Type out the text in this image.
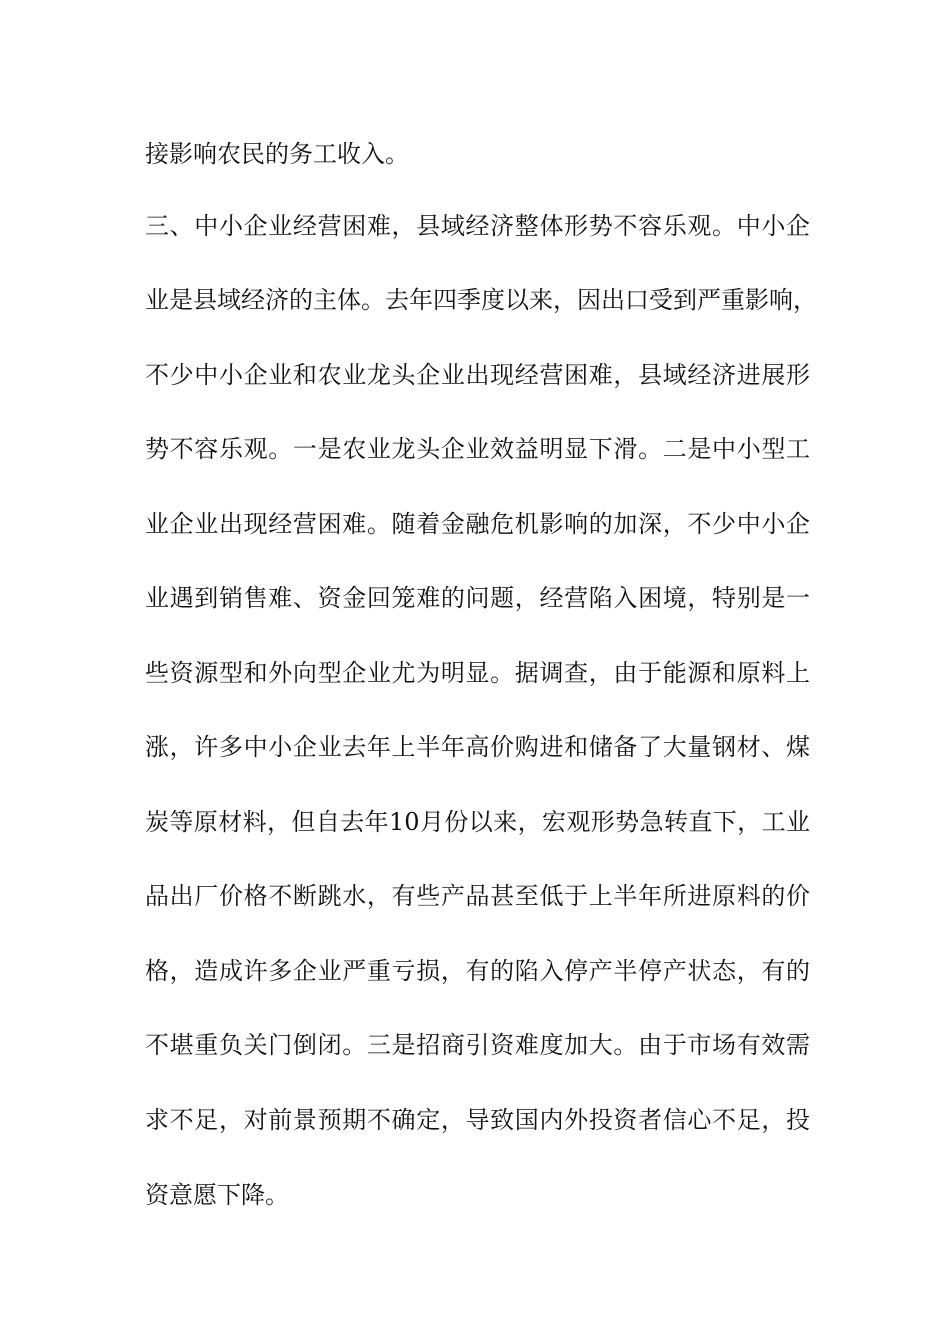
接影响农民的务工收入。
三、中小企业经营困难，县域经济整体形势不容乐观。中小企
业是县域经济的主体。去年四季度以来，因出口受到严重影响，
不少中小企业和农业龙头企业出现经营困难，县域经济进展形
势不容乐观。一是农业龙头企业效益明显下滑。二是中小型工
业企业出现经营困难。随着金融危机影响的加深，不少中小企
业遇到销售难、资金回笼难的问题，经营陷入困境，特别是一
些资源型和外向型企业尤为明显。据调查，由于能源和原料上
涨，许多中小企业去年上半年高价购进和储备了大量钢材、煤
炭等原材料，但自去年10月份以来，宏观形势急转直下，工业
品出厂价格不断跳水，有些产品甚至低于上半年所进原料的价
格，造成许多企业严重亏损，有的陷入停产半停产状态，有的
不堪重负关门倒闭。三是招商引资难度加大。由于市场有效需
求不足，对前景预期不确定，导致国内外投资者信心不足，投
资意愿下降。
